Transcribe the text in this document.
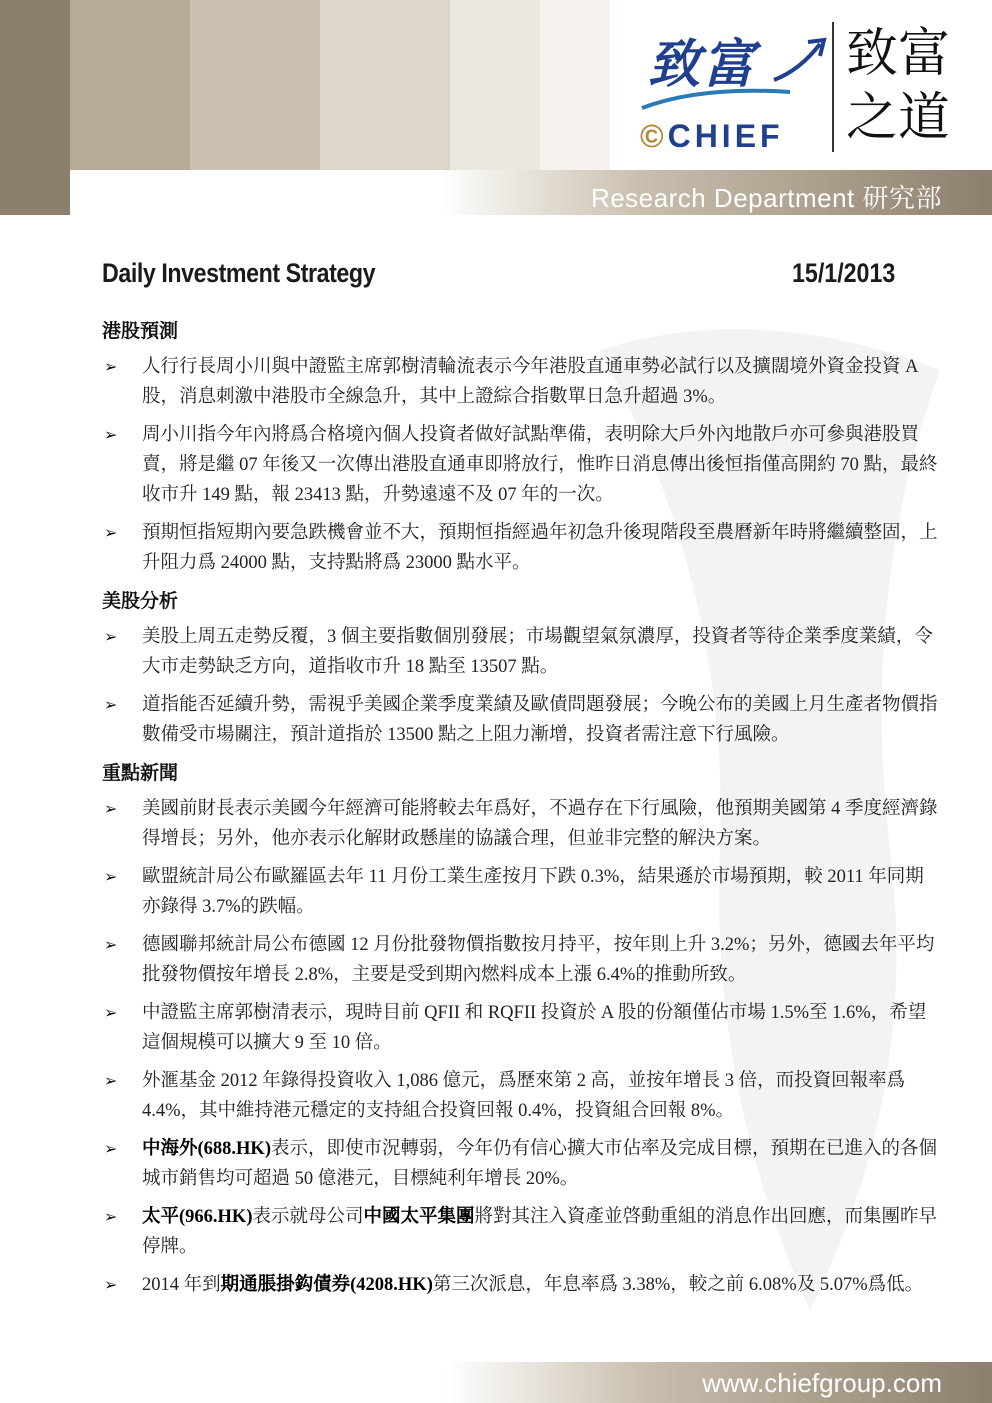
Research Department 研究部
致富
©CHIEF
致富
之道
Daily Investment Strategy	15/1/2013
港股預測
➢ 人行行長周小川與中證監主席郭樹清輪流表示今年港股直通車勢必試行以及擴闊境外資金投資 A 股，消息刺激中港股市全線急升，其中上證綜合指數單日急升超過 3%。
➢ 周小川指今年內將爲合格境內個人投資者做好試點準備，表明除大戶外內地散戶亦可參與港股買賣，將是繼 07 年後又一次傳出港股直通車即將放行，惟昨日消息傳出後恒指僅高開約 70 點，最終收市升 149 點，報 23413 點，升勢遠遠不及 07 年的一次。
➢ 預期恒指短期內要急跌機會並不大，預期恒指經過年初急升後現階段至農曆新年時將繼續整固，上升阻力爲 24000 點，支持點將爲 23000 點水平。
美股分析
➢ 美股上周五走勢反覆，3 個主要指數個別發展；市場觀望氣氛濃厚，投資者等待企業季度業績，令大市走勢缺乏方向，道指收市升 18 點至 13507 點。
➢ 道指能否延續升勢，需視乎美國企業季度業績及歐債問題發展；今晚公布的美國上月生產者物價指數備受市場關注，預計道指於 13500 點之上阻力漸增，投資者需注意下行風險。
重點新聞
➢ 美國前財長表示美國今年經濟可能將較去年爲好，不過存在下行風險，他預期美國第 4 季度經濟錄得增長；另外，他亦表示化解財政懸崖的協議合理，但並非完整的解決方案。
➢ 歐盟統計局公布歐羅區去年 11 月份工業生產按月下跌 0.3%，結果遜於市場預期，較 2011 年同期亦錄得 3.7%的跌幅。
➢ 德國聯邦統計局公布德國 12 月份批發物價指數按月持平，按年則上升 3.2%；另外，德國去年平均批發物價按年增長 2.8%，主要是受到期內燃料成本上漲 6.4%的推動所致。
➢ 中證監主席郭樹清表示，現時目前 QFII 和 RQFII 投資於 A 股的份額僅佔市場 1.5%至 1.6%，希望這個規模可以擴大 9 至 10 倍。
➢ 外滙基金 2012 年錄得投資收入 1,086 億元，爲歷來第 2 高，並按年增長 3 倍，而投資回報率爲 4.4%，其中維持港元穩定的支持組合投資回報 0.4%，投資組合回報 8%。
➢ 中海外(688.HK)表示，即使市況轉弱，今年仍有信心擴大市佔率及完成目標，預期在已進入的各個城市銷售均可超過 50 億港元，目標純利年增長 20%。
➢ 太平(966.HK)表示就母公司中國太平集團將對其注入資產並啓動重組的消息作出回應，而集團昨早停牌。
➢ 2014 年到期通脹掛鈎債券(4208.HK)第三次派息，年息率爲 3.38%，較之前 6.08%及 5.07%爲低。
www.chiefgroup.com
